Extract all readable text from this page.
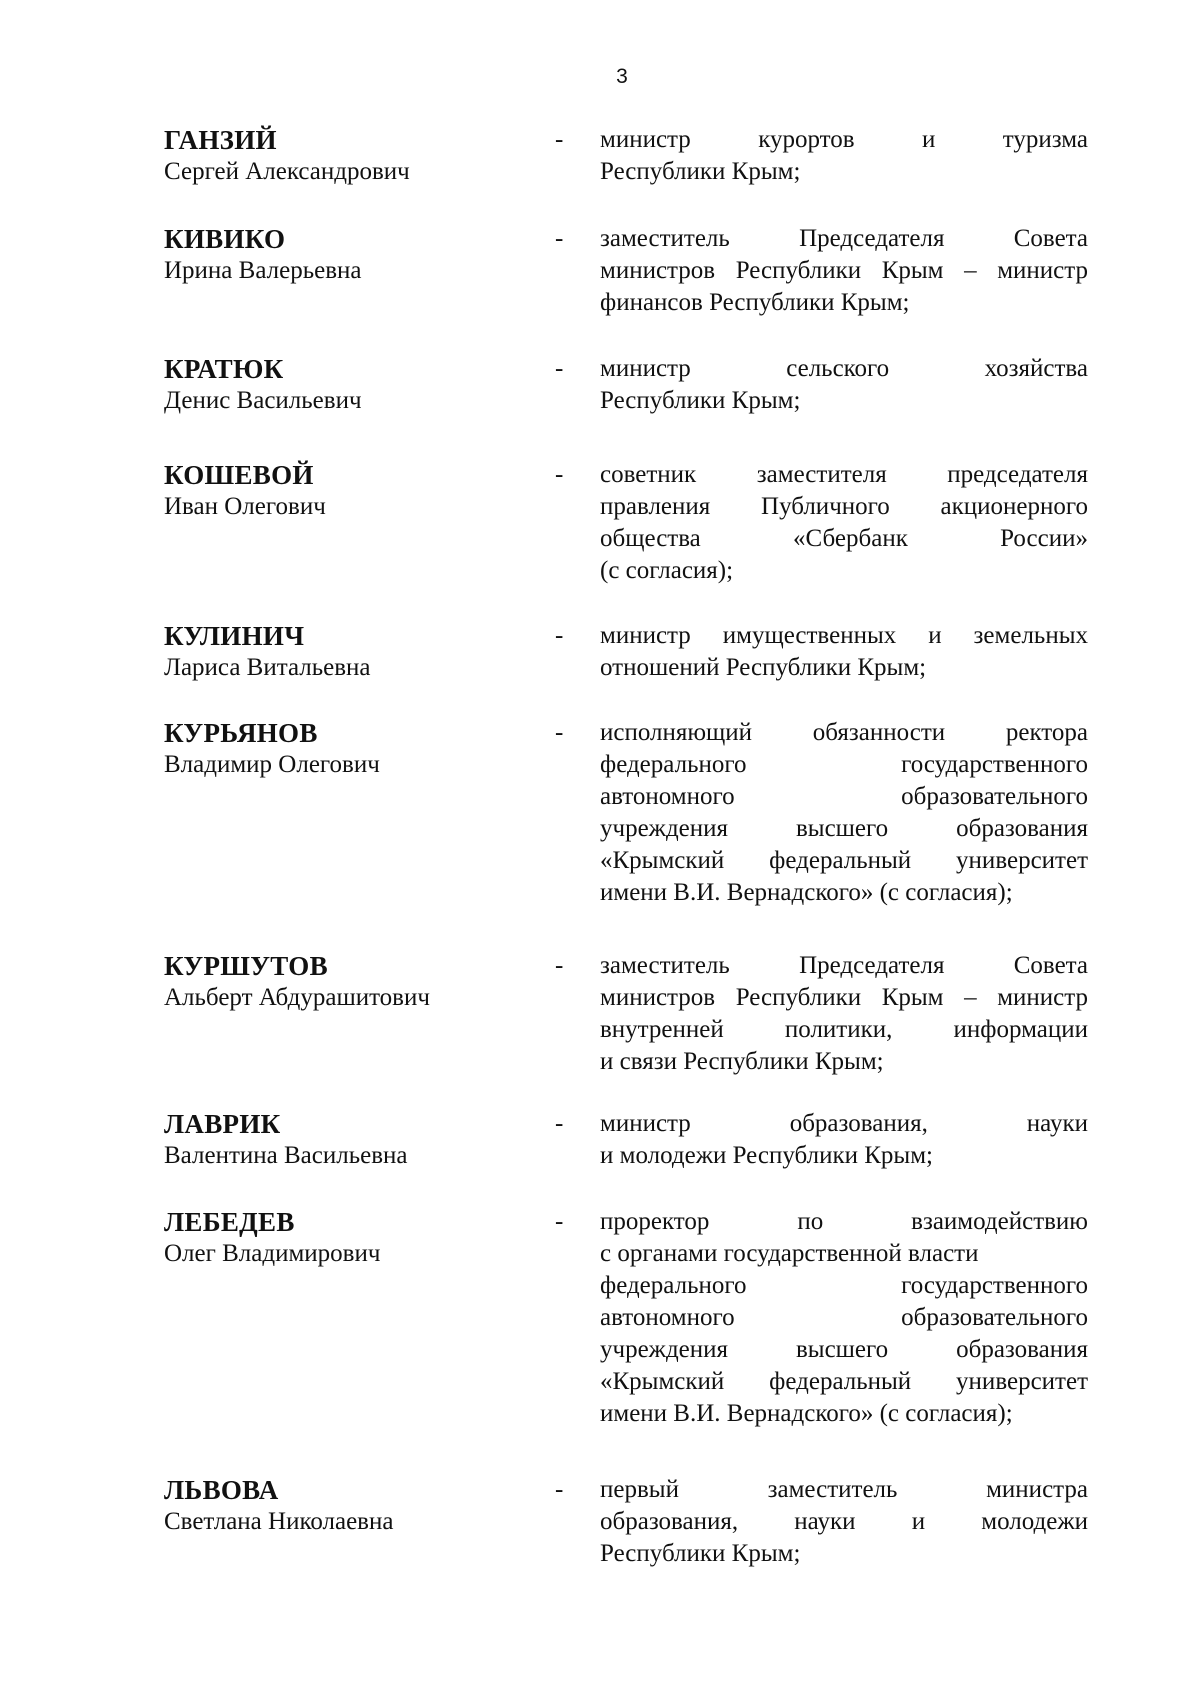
3
ГАНЗИЙ
Сергей Александрович
- министр курортов и туризма
Республики Крым;
КИВИКО
Ирина Валерьевна
- заместитель Председателя Совета
министров Республики Крым – министр
финансов Республики Крым;
КРАТЮК
Денис Васильевич
- министр сельского хозяйства
Республики Крым;
КОШЕВОЙ
Иван Олегович
- советник заместителя председателя
правления Публичного акционерного
общества «Сбербанк России»
(с согласия);
КУЛИНИЧ
Лариса Витальевна
- министр имущественных и земельных
отношений Республики Крым;
КУРЬЯНОВ
Владимир Олегович
- исполняющий обязанности ректора
федерального государственного
автономного образовательного
учреждения высшего образования
«Крымский федеральный университет
имени В.И. Вернадского» (с согласия);
КУРШУТОВ
Альберт Абдурашитович
- заместитель Председателя Совета
министров Республики Крым – министр
внутренней политики, информации
и связи Республики Крым;
ЛАВРИК
Валентина Васильевна
- министр образования, науки
и молодежи Республики Крым;
ЛЕБЕДЕВ
Олег Владимирович
- проректор по взаимодействию
с органами государственной власти
федерального государственного
автономного образовательного
учреждения высшего образования
«Крымский федеральный университет
имени В.И. Вернадского» (с согласия);
ЛЬВОВА
Светлана Николаевна
- первый заместитель министра
образования, науки и молодежи
Республики Крым;
